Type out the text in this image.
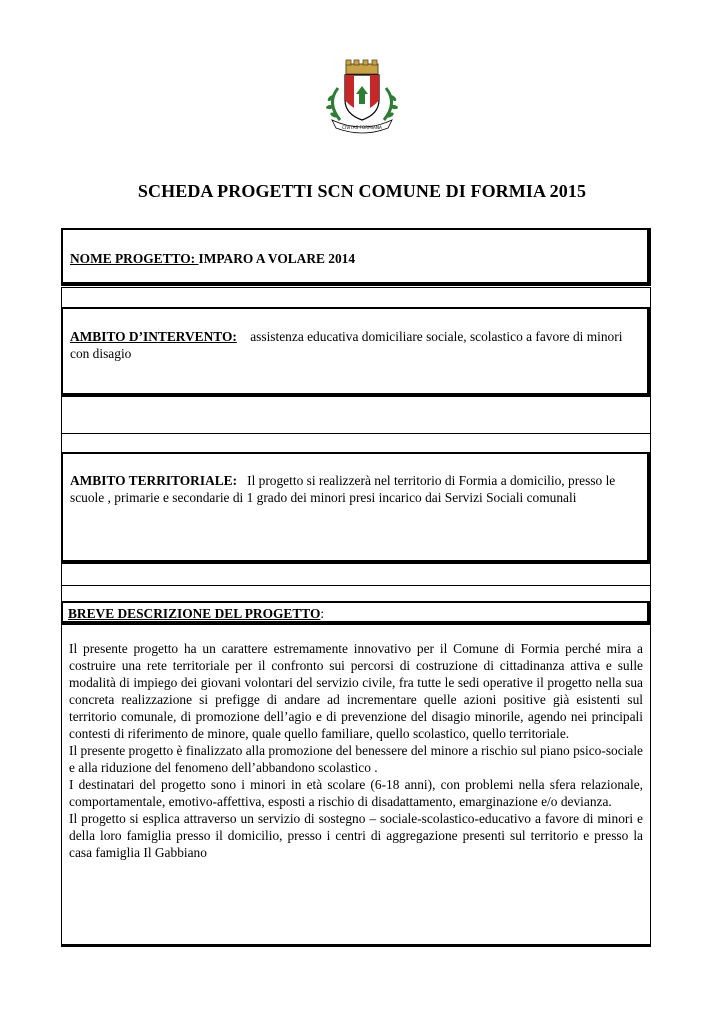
CIVITAS FORMIANA
SCHEDA PROGETTI SCN COMUNE DI FORMIA 2015
NOME PROGETTO: IMPARO A VOLARE 2014
AMBITO D’INTERVENTO: assistenza educativa domiciliare sociale, scolastico a favore di minori con disagio
AMBITO TERRITORIALE: Il progetto si realizzerà nel territorio di Formia a domicilio, presso le scuole , primarie e secondarie di 1 grado dei minori presi incarico dai Servizi Sociali comunali
BREVE DESCRIZIONE DEL PROGETTO:

Il presente progetto ha un carattere estremamente innovativo per il Comune di Formia perché mira a costruire una rete territoriale per il confronto sui percorsi di costruzione di cittadinanza attiva e sulle modalità di impiego dei giovani volontari del servizio civile, fra tutte le sedi operative il progetto nella sua concreta realizzazione si prefigge di andare ad incrementare quelle azioni positive già esistenti sul territorio comunale, di promozione dell’agio e di prevenzione del disagio minorile, agendo nei principali contesti di riferimento de minore, quale quello familiare, quello scolastico, quello territoriale.

Il presente progetto è finalizzato alla promozione del benessere del minore a rischio sul piano psico-sociale e alla riduzione del fenomeno dell’abbandono scolastico .

I destinatari del progetto sono i minori in età scolare (6-18 anni), con problemi nella sfera relazionale, comportamentale, emotivo-affettiva, esposti a rischio di disadattamento, emarginazione e/o devianza.

Il progetto si esplica attraverso un servizio di sostegno – sociale-scolastico-educativo a favore di minori e della loro famiglia presso il domicilio, presso i centri di aggregazione presenti sul territorio e presso la casa famiglia Il Gabbiano
